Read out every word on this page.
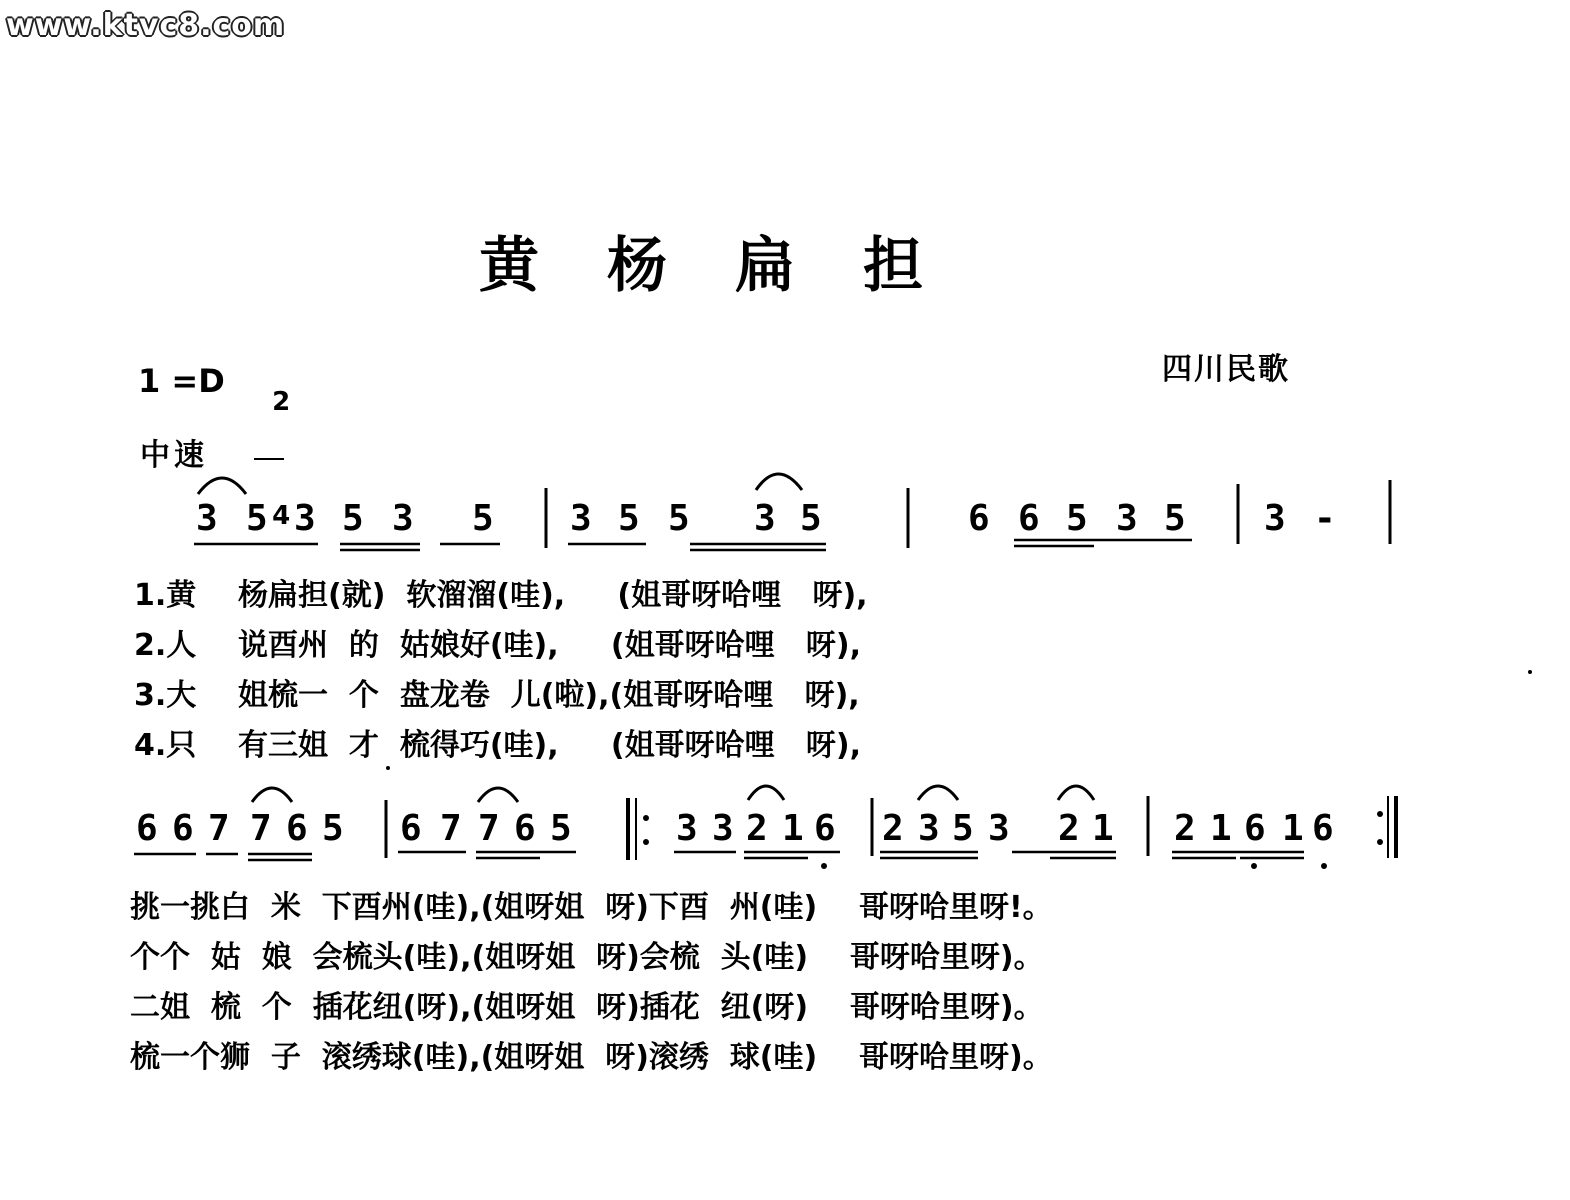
www.ktvc8.com
黄杨扁担
四川民歌
1 =D

2

4

中速
3 5 3 5 3 5 3 5 5 3 5	6 6 5 3 5 3 -
6 6 7 7 6 5 6 7 7 6 5	3 3 2 1 6 2 3 5 3 2 1 2 1 6 1 6
1.黄    杨扁担(就)  软溜溜(哇),     (姐哥呀哈哩   呀),
2.人    说酉州  的  姑娘好(哇),     (姐哥呀哈哩   呀),
3.大    姐梳一  个  盘龙卷  儿(啦),(姐哥呀哈哩   呀),
4.只    有三姐  才  梳得巧(哇),     (姐哥呀哈哩   呀),
挑一挑白  米  下酉州(哇),(姐呀姐  呀)下酉  州(哇)    哥呀哈里呀!。
个个  姑  娘  会梳头(哇),(姐呀姐  呀)会梳  头(哇)    哥呀哈里呀)。
二姐  梳  个  插花纽(呀),(姐呀姐  呀)插花  纽(呀)    哥呀哈里呀)。
梳一个狮  子  滚绣球(哇),(姐呀姐  呀)滚绣  球(哇)    哥呀哈里呀)。
